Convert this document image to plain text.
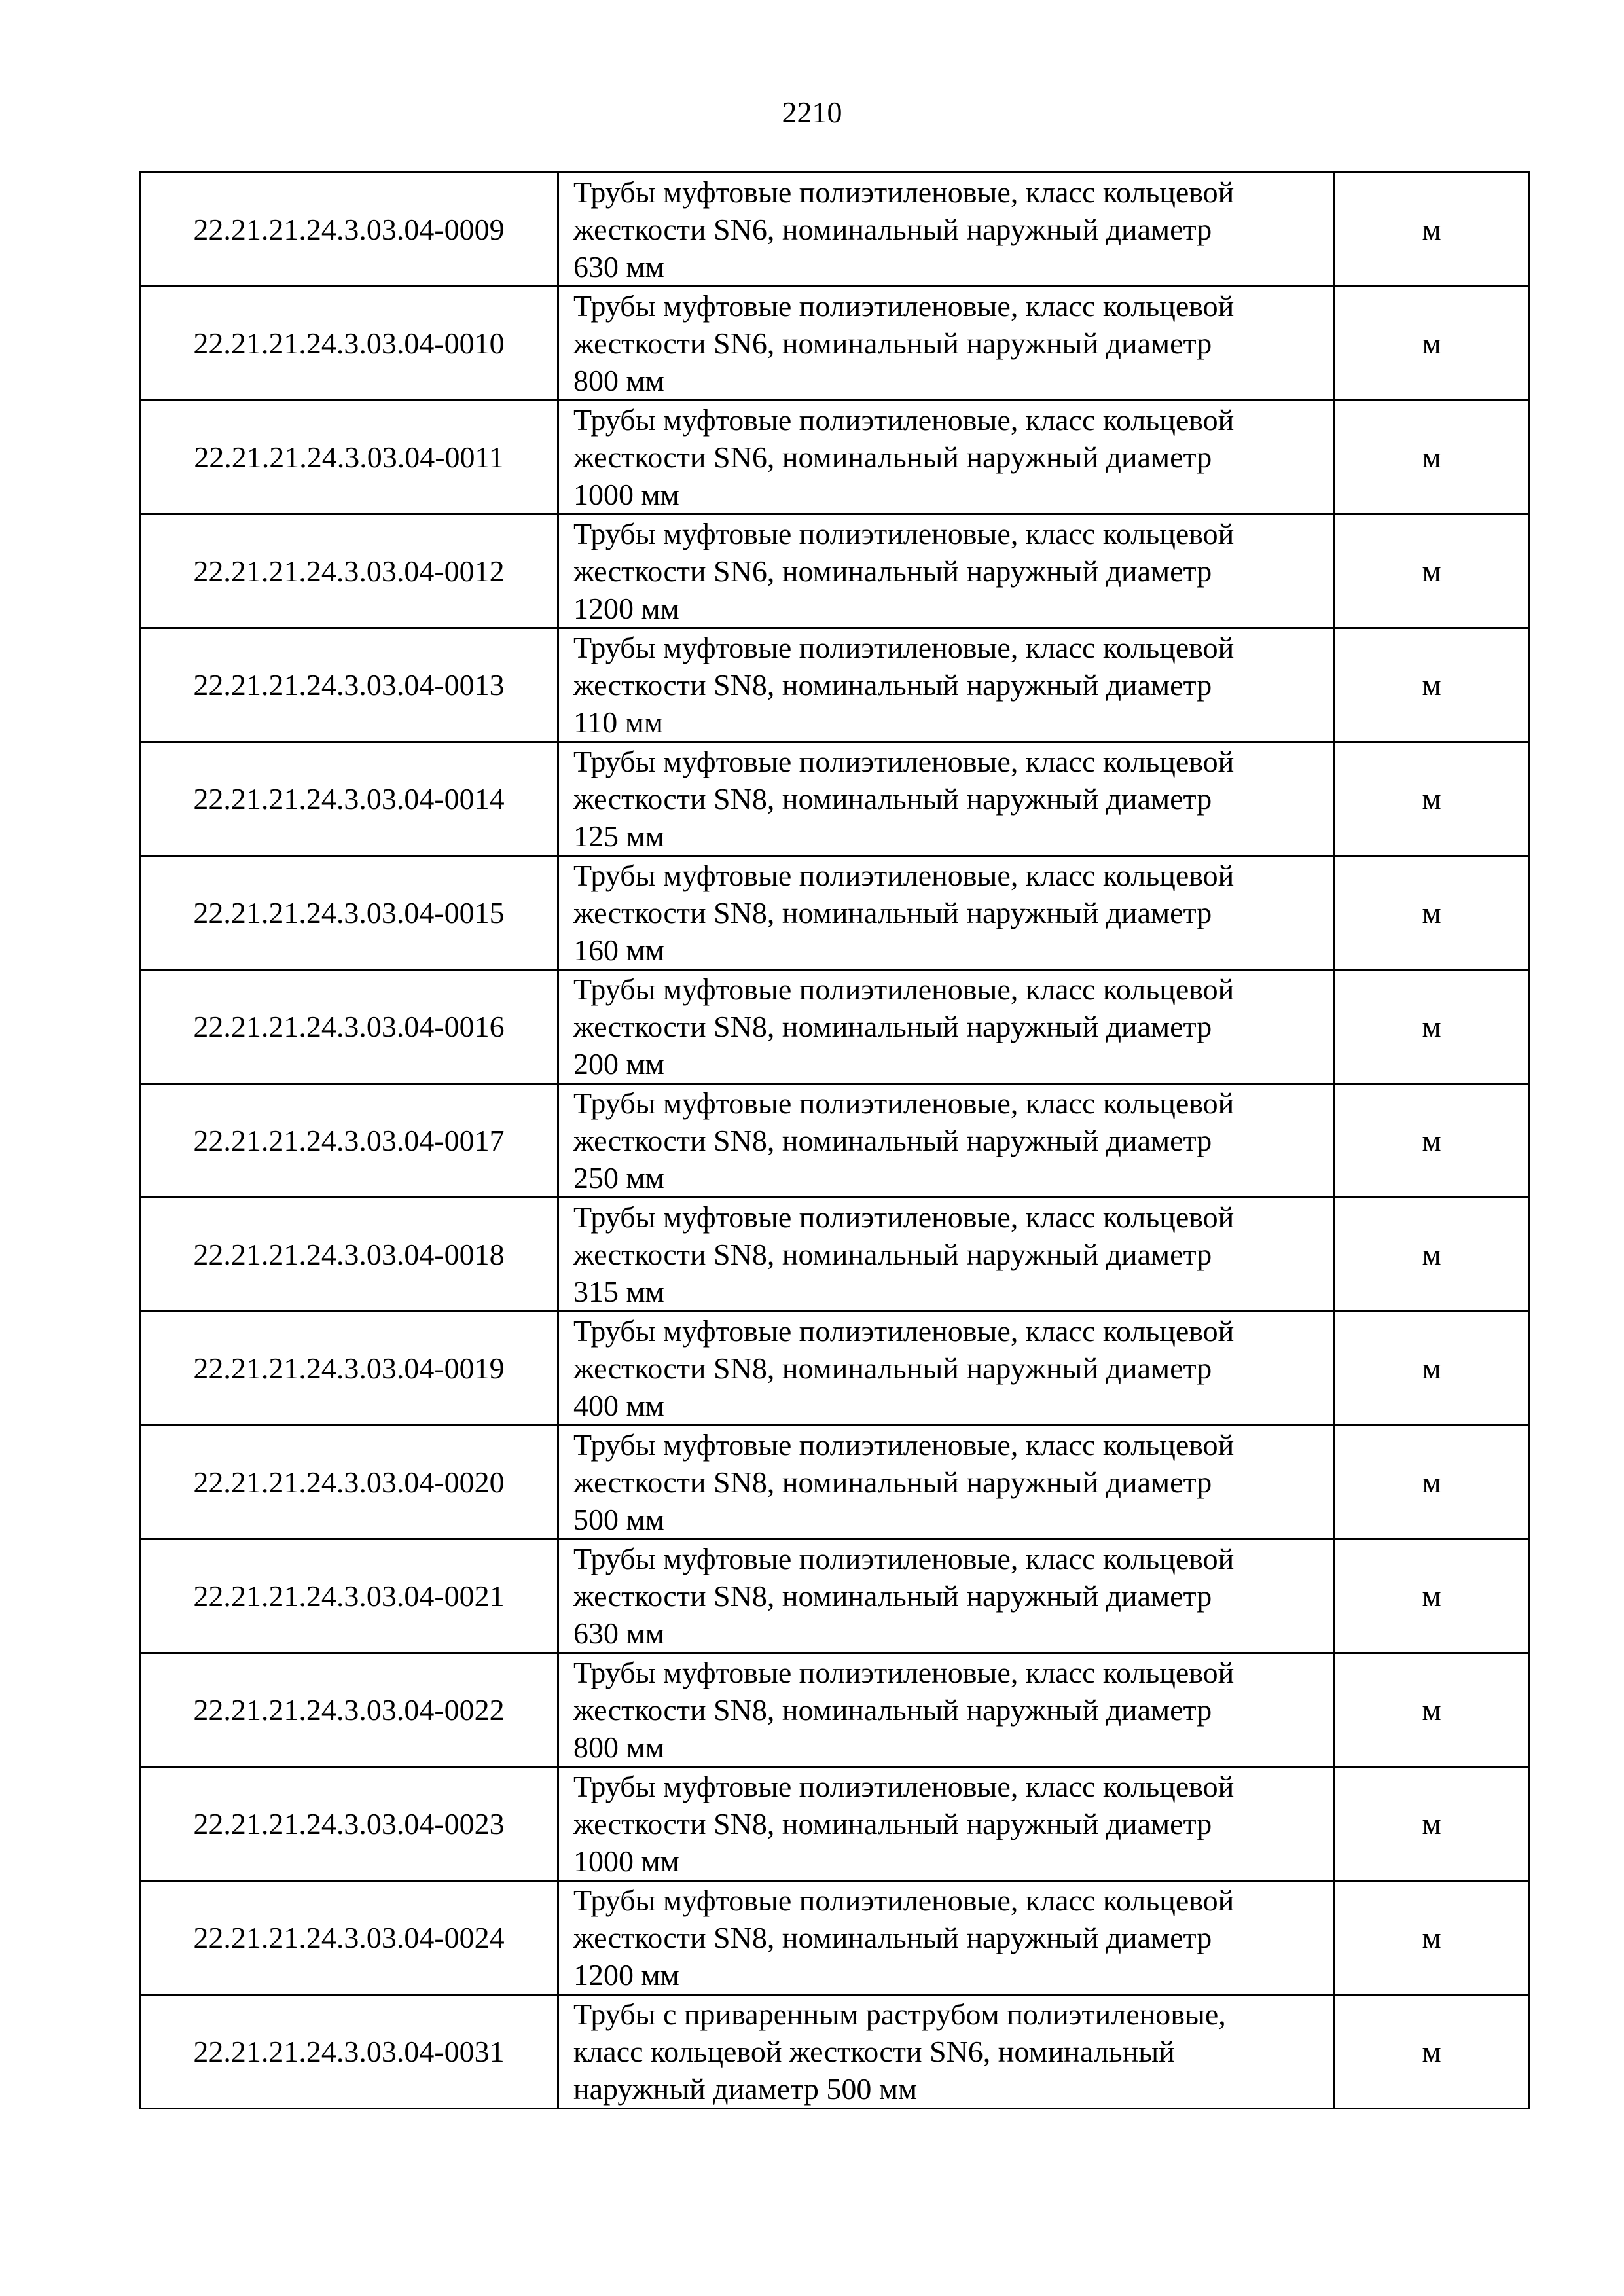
2210
22.21.21.24.3.03.04-0009	Трубы муфтовые полиэтиленовые, класс кольцевой
жесткости SN6, номинальный наружный диаметр
630 мм	м
22.21.21.24.3.03.04-0010	Трубы муфтовые полиэтиленовые, класс кольцевой
жесткости SN6, номинальный наружный диаметр
800 мм	м
22.21.21.24.3.03.04-0011	Трубы муфтовые полиэтиленовые, класс кольцевой
жесткости SN6, номинальный наружный диаметр
1000 мм	м
22.21.21.24.3.03.04-0012	Трубы муфтовые полиэтиленовые, класс кольцевой
жесткости SN6, номинальный наружный диаметр
1200 мм	м
22.21.21.24.3.03.04-0013	Трубы муфтовые полиэтиленовые, класс кольцевой
жесткости SN8, номинальный наружный диаметр
110 мм	м
22.21.21.24.3.03.04-0014	Трубы муфтовые полиэтиленовые, класс кольцевой
жесткости SN8, номинальный наружный диаметр
125 мм	м
22.21.21.24.3.03.04-0015	Трубы муфтовые полиэтиленовые, класс кольцевой
жесткости SN8, номинальный наружный диаметр
160 мм	м
22.21.21.24.3.03.04-0016	Трубы муфтовые полиэтиленовые, класс кольцевой
жесткости SN8, номинальный наружный диаметр
200 мм	м
22.21.21.24.3.03.04-0017	Трубы муфтовые полиэтиленовые, класс кольцевой
жесткости SN8, номинальный наружный диаметр
250 мм	м
22.21.21.24.3.03.04-0018	Трубы муфтовые полиэтиленовые, класс кольцевой
жесткости SN8, номинальный наружный диаметр
315 мм	м
22.21.21.24.3.03.04-0019	Трубы муфтовые полиэтиленовые, класс кольцевой
жесткости SN8, номинальный наружный диаметр
400 мм	м
22.21.21.24.3.03.04-0020	Трубы муфтовые полиэтиленовые, класс кольцевой
жесткости SN8, номинальный наружный диаметр
500 мм	м
22.21.21.24.3.03.04-0021	Трубы муфтовые полиэтиленовые, класс кольцевой
жесткости SN8, номинальный наружный диаметр
630 мм	м
22.21.21.24.3.03.04-0022	Трубы муфтовые полиэтиленовые, класс кольцевой
жесткости SN8, номинальный наружный диаметр
800 мм	м
22.21.21.24.3.03.04-0023	Трубы муфтовые полиэтиленовые, класс кольцевой
жесткости SN8, номинальный наружный диаметр
1000 мм	м
22.21.21.24.3.03.04-0024	Трубы муфтовые полиэтиленовые, класс кольцевой
жесткости SN8, номинальный наружный диаметр
1200 мм	м
22.21.21.24.3.03.04-0031	Трубы с приваренным раструбом полиэтиленовые,
класс кольцевой жесткости SN6, номинальный
наружный диаметр 500 мм	м
